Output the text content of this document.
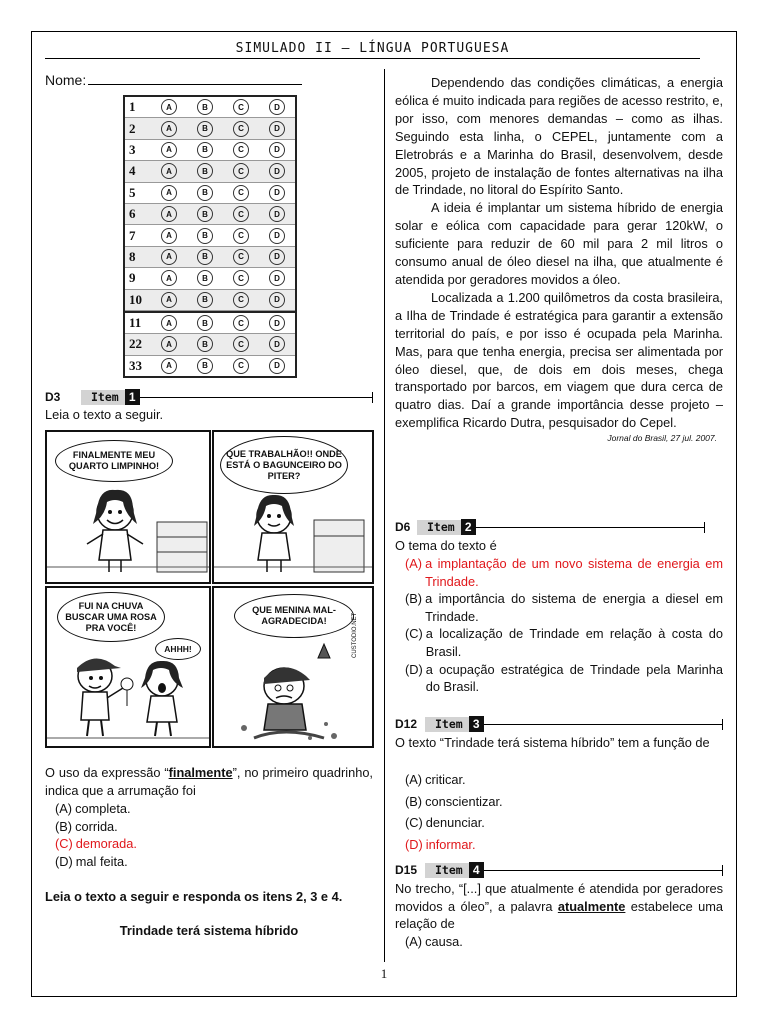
SIMULADO II – LÍNGUA PORTUGUESA
Nome:
1	A	B	C	D
2	A	B	C	D
3	A	B	C	D
4	A	B	C	D
5	A	B	C	D
6	A	B	C	D
7	A	B	C	D
8	A	B	C	D
9	A	B	C	D
10	A	B	C	D
11	A	B	C	D
22	A	B	C	D
33	A	B	C	D
D3	Item 1
Leia o texto a seguir.
FINALMENTE MEU QUARTO LIMPINHO!
QUE TRABALHÃO!! ONDE ESTÁ O BAGUNCEIRO DO PITER?
FUI NA CHUVA BUSCAR UMA ROSA PRA VOCÊ!
AHHH!
QUE MENINA MAL-AGRADECIDA!	CUSTODIO.NET
O uso da expressão “finalmente”, no primeiro quadrinho, indica que a arrumação foi
(A) completa.
(B) corrida.
(C) demorada.
(D) mal feita.
Leia o texto a seguir e responda os itens 2, 3 e 4.
Trindade terá sistema híbrido
Dependendo das condições climáticas, a energia eólica é muito indicada para regiões de acesso restrito, e, por isso, com menores demandas – como as ilhas. Seguindo esta linha, o CEPEL, juntamente com a Eletrobrás e a Marinha do Brasil, desenvolvem, desde 2005, projeto de instalação de fontes alternativas na ilha de Trindade, no litoral do Espírito Santo.
A ideia é implantar um sistema híbrido de energia solar e eólica com capacidade para gerar 120kW, o suficiente para reduzir de 60 mil para 2 mil litros o consumo anual de óleo diesel na ilha, que atualmente é atendida por geradores movidos a óleo.
Localizada a 1.200 quilômetros da costa brasileira, a Ilha de Trindade é estratégica para garantir a extensão territorial do país, e por isso é ocupada pela Marinha. Mas, para que tenha energia, precisa ser alimentada por óleo diesel, que, de dois em dois meses, chega transportado por barcos, em viagem que dura cerca de quatro dias. Daí a grande importância desse projeto – exemplifica Ricardo Dutra, pesquisador do Cepel.
Jornal do Brasil, 27 jul. 2007.
D6	Item 2
O tema do texto é
(A) a implantação de um novo sistema de energia em Trindade.
(B) a importância do sistema de energia a diesel em Trindade.
(C) a localização de Trindade em relação à costa do Brasil.
(D) a ocupação estratégica de Trindade pela Marinha do Brasil.
D12	Item 3
O texto “Trindade terá sistema híbrido” tem a função de
(A) criticar.
(B) conscientizar.
(C) denunciar.
(D) informar.
D15	Item 4
No trecho, “[...] que atualmente é atendida por geradores movidos a óleo”, a palavra atualmente estabelece uma relação de
(A) causa.
1
